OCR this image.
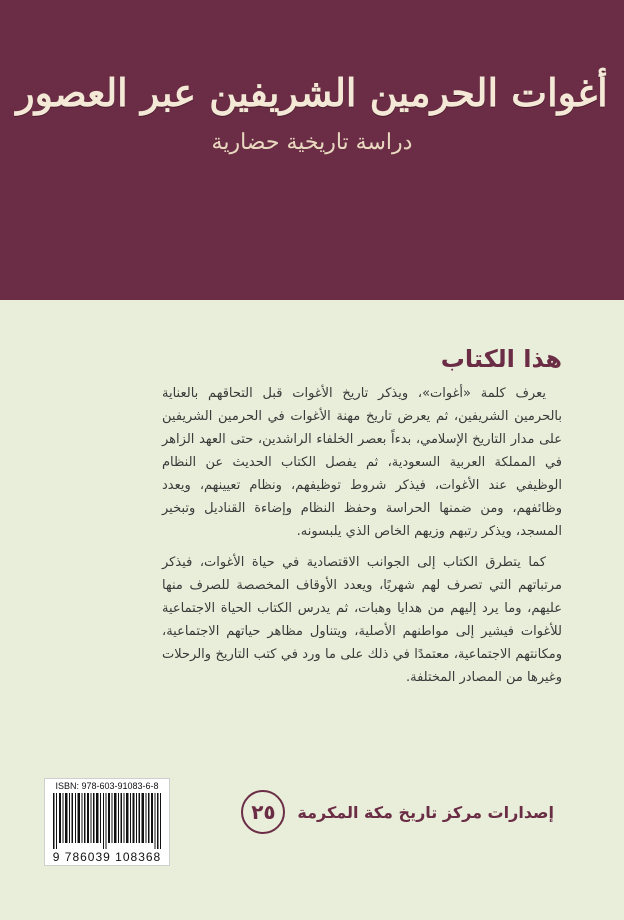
أغوات الحرمين الشريفين عبر العصور
دراسة تاريخية حضارية
هذا الكتاب

يعرف كلمة «أغوات»، ويذكر تاريخ الأغوات قبل التحاقهم بالعناية بالحرمين الشريفين، ثم يعرض تاريخ مهنة الأغوات في الحرمين الشريفين على مدار التاريخ الإسلامي، بدءاً بعصر الخلفاء الراشدين، حتى العهد الزاهر في المملكة العربية السعودية، ثم يفصل الكتاب الحديث عن النظام الوظيفي عند الأغوات، فيذكر شروط توظيفهم، ونظام تعيينهم، ويعدد وظائفهم، ومن ضمنها الحراسة وحفظ النظام وإضاءة القناديل وتبخير المسجد، ويذكر رتبهم وزيهم الخاص الذي يلبسونه.

كما يتطرق الكتاب إلى الجوانب الاقتصادية في حياة الأغوات، فيذكر مرتباتهم التي تصرف لهم شهريًا، ويعدد الأوقاف المخصصة للصرف منها عليهم، وما يرد إليهم من هدايا وهبات، ثم يدرس الكتاب الحياة الاجتماعية للأغوات فيشير إلى مواطنهم الأصلية، ويتناول مظاهر حياتهم الاجتماعية، ومكانتهم الاجتماعية، معتمدًا في ذلك على ما ورد في كتب التاريخ والرحلات وغيرها من المصادر المختلفة.

ISBN: 978-603-91083-6-8
9 786039 108368
إصدارات مركز تاريخ مكة المكرمة
٢٥
